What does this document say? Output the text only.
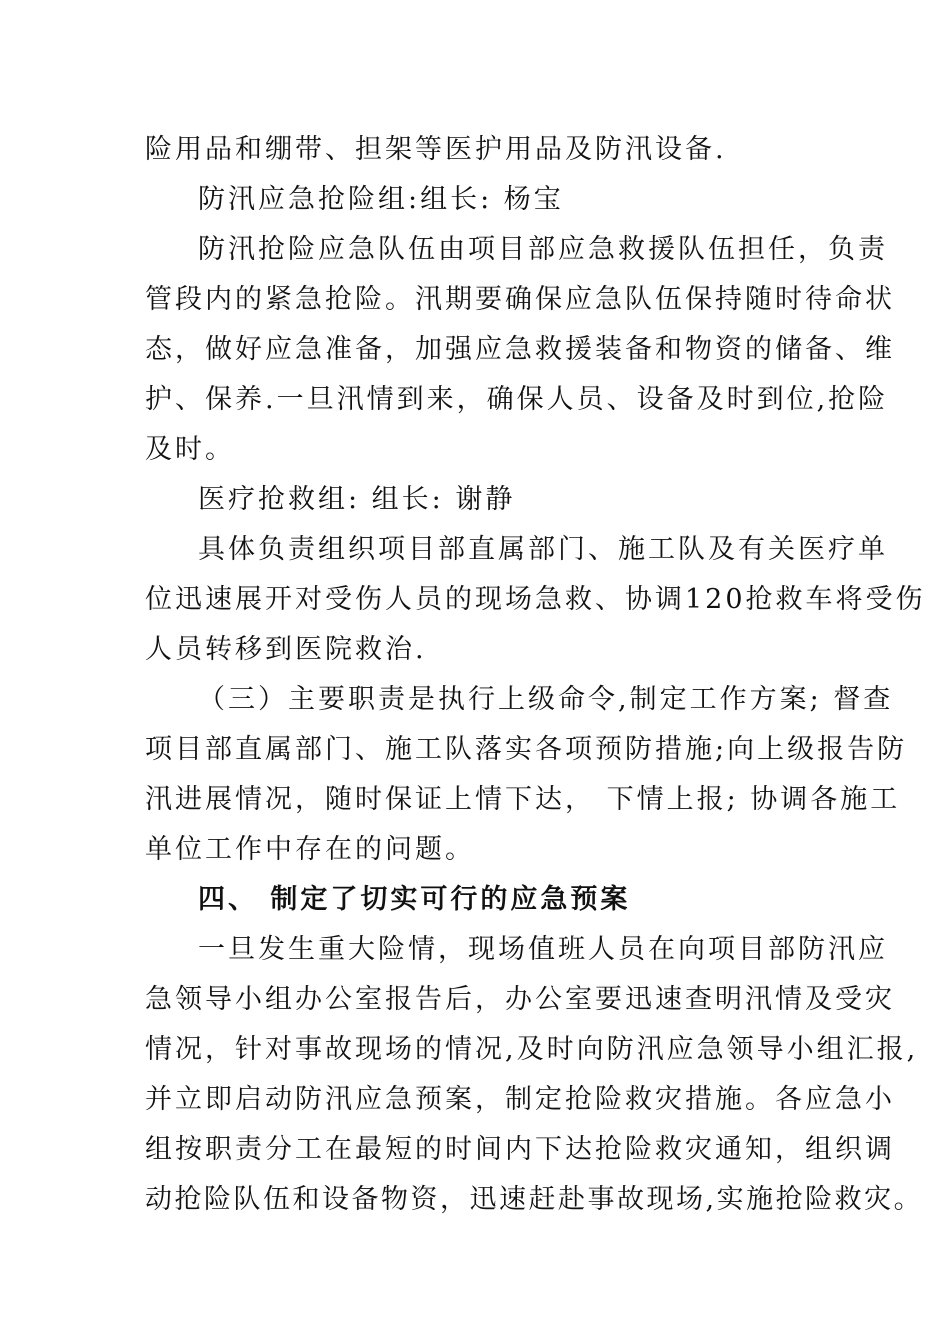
险用品和绷带、担架等医护用品及防汛设备.
防汛应急抢险组:组长: 杨宝
防汛抢险应急队伍由项目部应急救援队伍担任，负责
管段内的紧急抢险。汛期要确保应急队伍保持随时待命状
态，做好应急准备，加强应急救援装备和物资的储备、维
护、保养.一旦汛情到来，确保人员、设备及时到位,抢险
及时。
医疗抢救组: 组长: 谢静
具体负责组织项目部直属部门、施工队及有关医疗单
位迅速展开对受伤人员的现场急救、协调120抢救车将受伤
人员转移到医院救治.
（三）主要职责是执行上级命令,制定工作方案; 督查
项目部直属部门、施工队落实各项预防措施;向上级报告防
汛进展情况，随时保证上情下达， 下情上报; 协调各施工
单位工作中存在的问题。
四、 制定了切实可行的应急预案
一旦发生重大险情，现场值班人员在向项目部防汛应
急领导小组办公室报告后，办公室要迅速查明汛情及受灾
情况，针对事故现场的情况,及时向防汛应急领导小组汇报,
并立即启动防汛应急预案，制定抢险救灾措施。各应急小
组按职责分工在最短的时间内下达抢险救灾通知，组织调
动抢险队伍和设备物资，迅速赶赴事故现场,实施抢险救灾。
